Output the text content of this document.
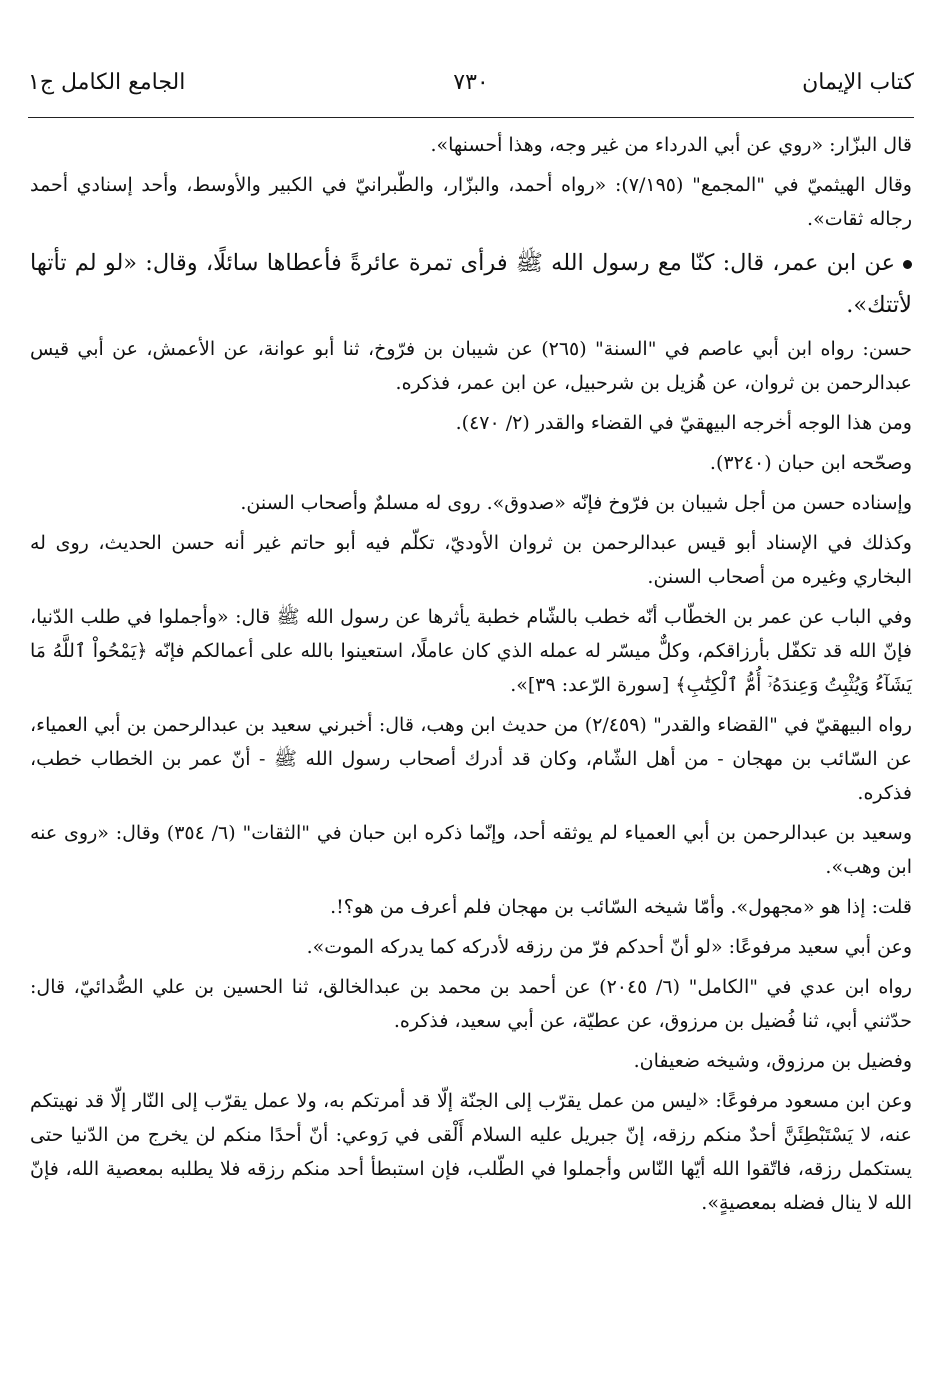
كتاب الإيمان
٧٣٠
الجامع الكامل ج١

قال البزّار: «روي عن أبي الدرداء من غير وجه، وهذا أحسنها».

وقال الهيثميّ في "المجمع" (٧/١٩٥): «رواه أحمد، والبزّار، والطّبرانيّ في الكبير والأوسط، وأحد إسنادي أحمد رجاله ثقات».

عن ابن عمر، قال: كنّا مع رسول الله ﷺ فرأى تمرة عائرةً فأعطاها سائلًا، وقال: «لو لم تأتها لأتتك».

حسن: رواه ابن أبي عاصم في "السنة" (٢٦٥) عن شيبان بن فرّوخ، ثنا أبو عوانة، عن الأعمش، عن أبي قيس عبدالرحمن بن ثروان، عن هُزيل بن شرحبيل، عن ابن عمر، فذكره.

ومن هذا الوجه أخرجه البيهقيّ في القضاء والقدر (٢/ ٤٧٠).

وصحّحه ابن حبان (٣٢٤٠).

وإسناده حسن من أجل شيبان بن فرّوخ فإنّه «صدوق». روى له مسلمٌ وأصحاب السنن.

وكذلك في الإسناد أبو قيس عبدالرحمن بن ثروان الأوديّ، تكلّم فيه أبو حاتم غير أنه حسن الحديث، روى له البخاري وغيره من أصحاب السنن.

وفي الباب عن عمر بن الخطّاب أنّه خطب بالشّام خطبة يأثرها عن رسول الله ﷺ قال: «وأجملوا في طلب الدّنيا، فإنّ الله قد تكفّل بأرزاقكم، وكلٌّ ميسّر له عمله الذي كان عاملًا، استعينوا بالله على أعمالكم فإنّه ﴿يَمْحُواْ ٱللَّهُ مَا يَشَآءُ وَيُثْبِتُ وَعِندَهُۥٓ أُمُّ ٱلْكِتَٰبِ﴾ [سورة الرّعد: ٣٩]».

رواه البيهقيّ في "القضاء والقدر" (٢/٤٥٩) من حديث ابن وهب، قال: أخبرني سعيد بن عبدالرحمن بن أبي العمياء، عن السّائب بن مهجان - من أهل الشّام، وكان قد أدرك أصحاب رسول الله ﷺ - أنّ عمر بن الخطاب خطب، فذكره.

وسعيد بن عبدالرحمن بن أبي العمياء لم يوثقه أحد، وإنّما ذكره ابن حبان في "الثقات" (٦/ ٣٥٤) وقال: «روى عنه ابن وهب».

قلت: إذا هو «مجهول». وأمّا شيخه السّائب بن مهجان فلم أعرف من هو؟!.

وعن أبي سعيد مرفوعًا: «لو أنّ أحدكم فرّ من رزقه لأدركه كما يدركه الموت».

رواه ابن عدي في "الكامل" (٦/ ٢٠٤٥) عن أحمد بن محمد بن عبدالخالق، ثنا الحسين بن علي الصُّدائيّ، قال: حدّثني أبي، ثنا فُضيل بن مرزوق، عن عطيّة، عن أبي سعيد، فذكره.

وفضيل بن مرزوق، وشيخه ضعيفان.

وعن ابن مسعود مرفوعًا: «ليس من عمل يقرّب إلى الجنّة إلّا قد أمرتكم به، ولا عمل يقرّب إلى النّار إلّا قد نهيتكم عنه، لا يَسْتَبْطِئَنَّ أحدٌ منكم رزقه، إنّ جبريل عليه السلام أَلْقى في رَوعي: أنّ أحدًا منكم لن يخرج من الدّنيا حتى يستكمل رزقه، فاتّقوا الله أيّها النّاس وأجملوا في الطّلب، فإن استبطأ أحد منكم رزقه فلا يطلبه بمعصية الله، فإنّ الله لا ينال فضله بمعصيةٍ».
